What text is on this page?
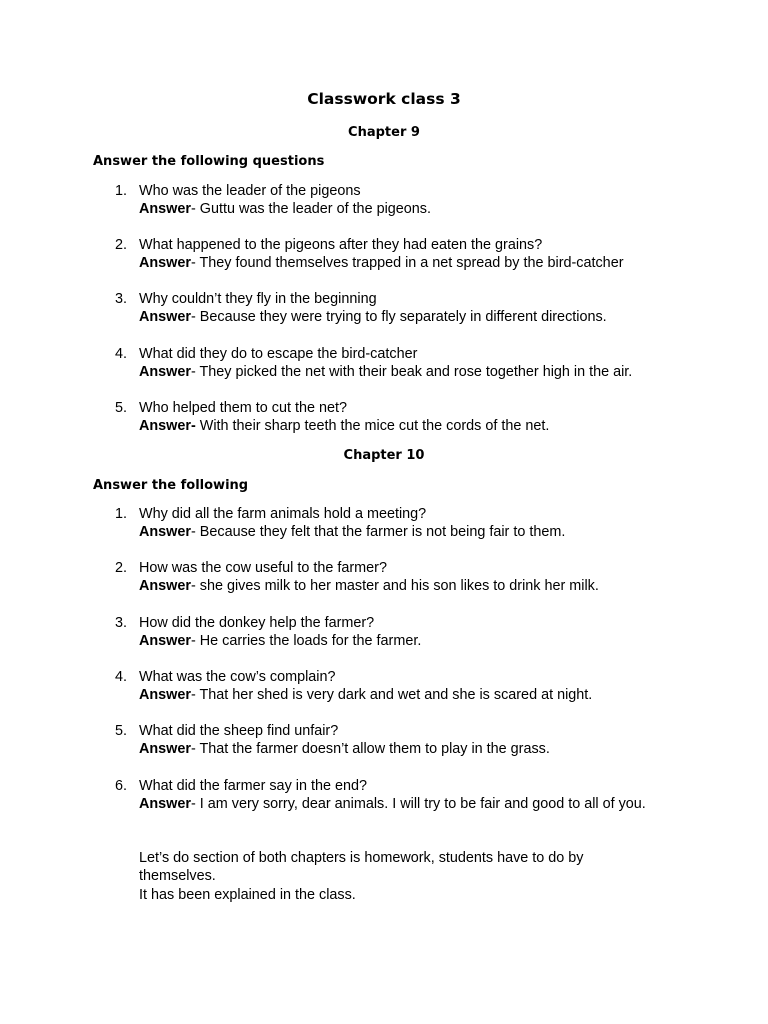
Classwork class 3
Chapter 9
Answer the following questions
1. Who was the leader of the pigeons
Answer- Guttu was the leader of the pigeons.
2. What happened to the pigeons after they had eaten the grains?
Answer- They found themselves trapped in a net spread by the bird-catcher
3. Why couldn’t they fly in the beginning
Answer- Because they were trying to fly separately in different directions.
4. What did they do to escape the bird-catcher
Answer- They picked the net with their beak and rose together high in the air.
5. Who helped them to cut the net?
Answer- With their sharp teeth the mice cut the cords of the net.
Chapter 10
Answer the following
1. Why did all the farm animals hold a meeting?
Answer- Because they felt that the farmer is not being fair to them.
2. How was the cow useful to the farmer?
Answer- she gives milk to her master and his son likes to drink her milk.
3. How did the donkey help the farmer?
Answer- He carries the loads for the farmer.
4. What was the cow’s complain?
Answer- That her shed is very dark and wet and she is scared at night.
5. What did the sheep find unfair?
Answer- That the farmer doesn’t allow them to play in the grass.
6. What did the farmer say in the end?
Answer- I am very sorry, dear animals. I will try to be fair and good to all of you.

Let’s do section of both chapters is homework, students have to do by themselves.

It has been explained in the class.
